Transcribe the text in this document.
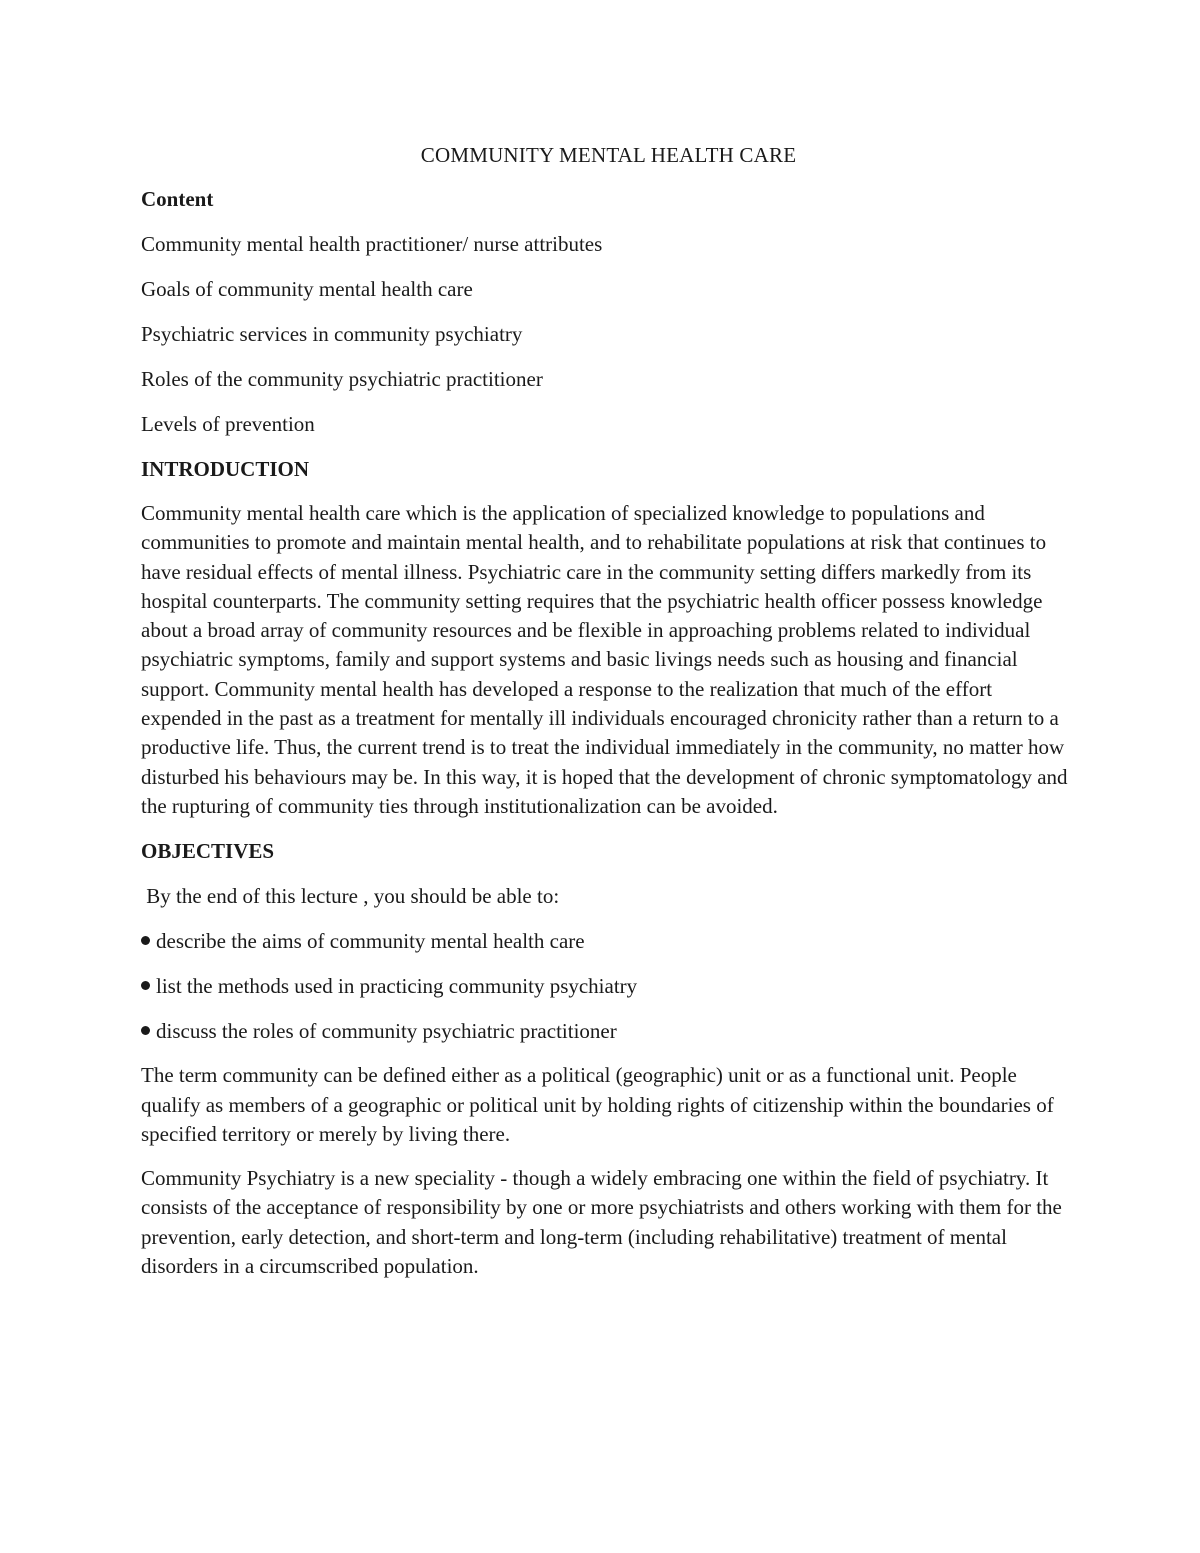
COMMUNITY MENTAL HEALTH CARE
Content
Community mental health practitioner/ nurse attributes
Goals of community mental health care
Psychiatric services in community psychiatry
Roles of the community psychiatric practitioner
Levels of prevention
INTRODUCTION
Community mental health care which is the application of specialized knowledge to populations and communities to promote and maintain mental health, and to rehabilitate populations at risk that continues to have residual effects of mental illness. Psychiatric care in the community setting differs markedly from its hospital counterparts. The community setting requires that the psychiatric health officer possess knowledge about a broad array of community resources and be flexible in approaching problems related to individual psychiatric symptoms, family and support systems and basic livings needs such as housing and financial support. Community mental health has developed a response to the realization that much of the effort expended in the past as a treatment for mentally ill individuals encouraged chronicity rather than a return to a productive life. Thus, the current trend is to treat the individual immediately in the community, no matter how disturbed his behaviours may be. In this way, it is hoped that the development of chronic symptomatology and the rupturing of community ties through institutionalization can be avoided.
OBJECTIVES
By the end of this lecture , you should be able to:
describe the aims of community mental health care
list the methods used in practicing community psychiatry
discuss the roles of community psychiatric practitioner
The term community can be defined either as a political (geographic) unit or as a functional unit. People qualify as members of a geographic or political unit by holding rights of citizenship within the boundaries of specified territory or merely by living there.
Community Psychiatry is a new speciality - though a widely embracing one within the field of psychiatry. It consists of the acceptance of responsibility by one or more psychiatrists and others working with them for the prevention, early detection, and short-term and long-term (including rehabilitative) treatment of mental disorders in a circumscribed population.
